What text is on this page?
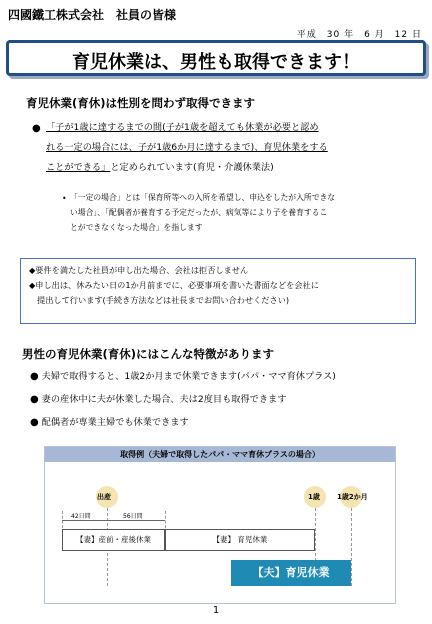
四國鐵工株式会社　社員の皆様
平成　30 年　6 月　12 日
育児休業は、男性も取得できます！
育児休業(育休)は性別を問わず取得できます
● 「子が1歳に達するまでの間(子が1歳を超えても休業が必要と認め
れる一定の場合には、子が1歳6か月に達するまで)、育児休業をする
ことができる」と定められています(育児・介護休業法)
• 「一定の場合」とは「保育所等への入所を希望し、申込をしたが入所できな
い場合」、「配偶者が養育する予定だったが、病気等により子を養育するこ
とができなくなった場合」を指します
◆要件を満たした社員が申し出た場合、会社は拒否しません
◆申し出は、休みたい日の1か月前までに、必要事項を書いた書面などを会社に
提出して行います(手続き方法などは社長までお問い合わせください)
男性の育児休業(育休)にはこんな特徴があります
● 夫婦で取得すると、1歳2か月まで休業できます(パパ・ママ育休プラス)
● 妻の産休中に夫が休業した場合、夫は2度目も取得できます
● 配偶者が専業主婦でも休業できます
取得例（夫婦で取得したパパ・ママ育休プラスの場合）
出産	1歳 1歳2か月
42日間	56日間
【妻】産前・産後休業	【妻】 育児休業
【夫】育児休業
1
